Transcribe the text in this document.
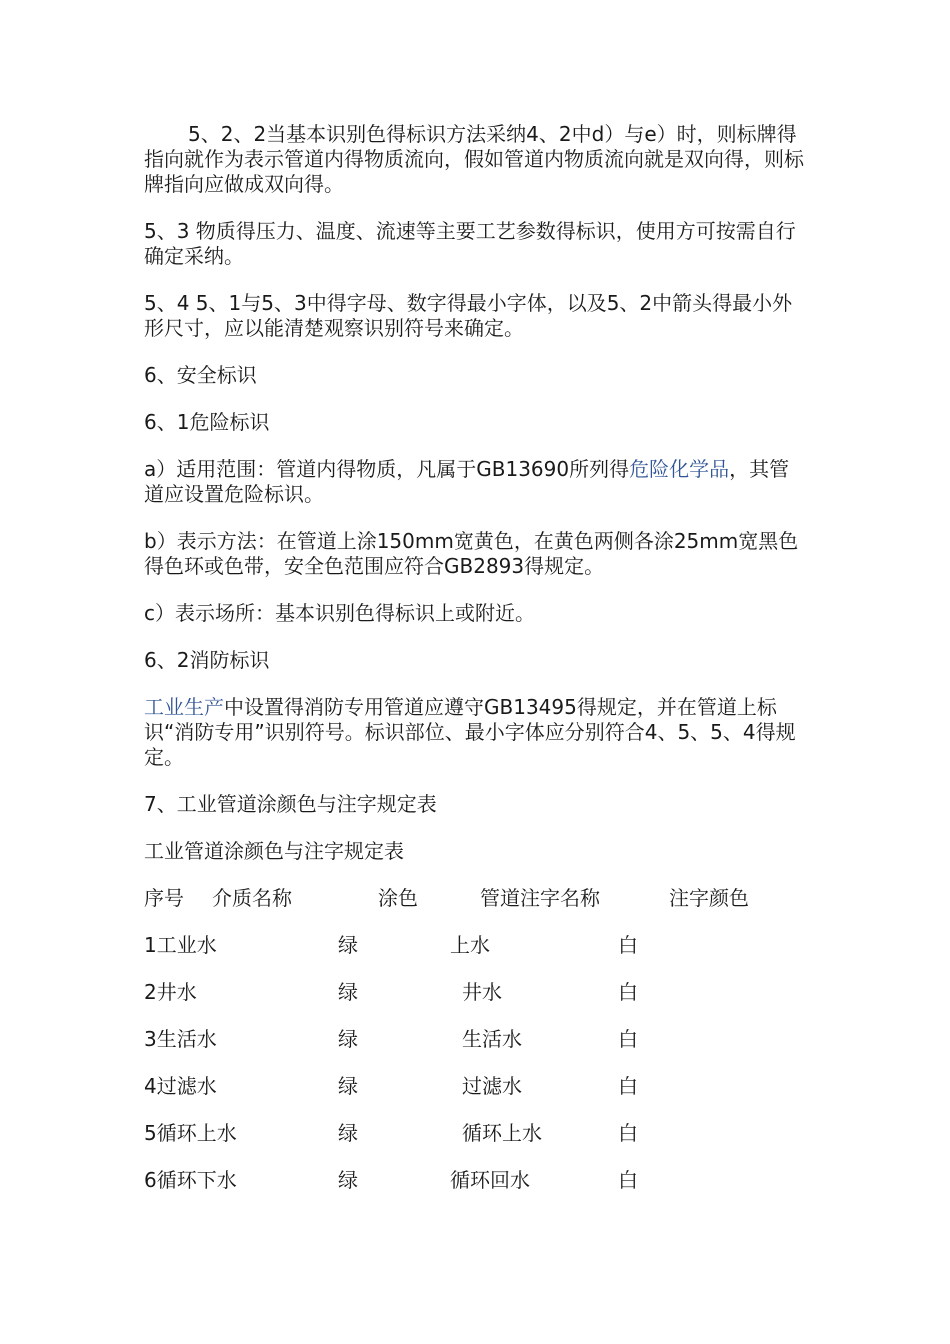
5、2、2当基本识别色得标识方法采纳4、2中d）与e）时，则标牌得指向就作为表示管道内得物质流向，假如管道内物质流向就是双向得，则标牌指向应做成双向得。

5、3 物质得压力、温度、流速等主要工艺参数得标识，使用方可按需自行确定采纳。

5、4 5、1与5、3中得字母、数字得最小字体，以及5、2中箭头得最小外形尺寸，应以能清楚观察识别符号来确定。

6、安全标识

6、1危险标识

a）适用范围：管道内得物质，凡属于GB13690所列得危险化学品，其管道应设置危险标识。

b）表示方法：在管道上涂150mm宽黄色，在黄色两侧各涂25mm宽黑色得色环或色带，安全色范围应符合GB2893得规定。

c）表示场所：基本识别色得标识上或附近。

6、2消防标识

工业生产中设置得消防专用管道应遵守GB13495得规定，并在管道上标识“消防专用”识别符号。标识部位、最小字体应分别符合4、5、5、4得规定。

7、工业管道涂颜色与注字规定表

工业管道涂颜色与注字规定表

序号 介质名称	涂色	管道注字名称	注字颜色
1工业水	绿	上水	白
2井水	绿	井水	白
3生活水	绿	生活水	白
4过滤水	绿	过滤水	白
5循环上水	绿	循环上水	白
6循环下水	绿	循环回水	白
